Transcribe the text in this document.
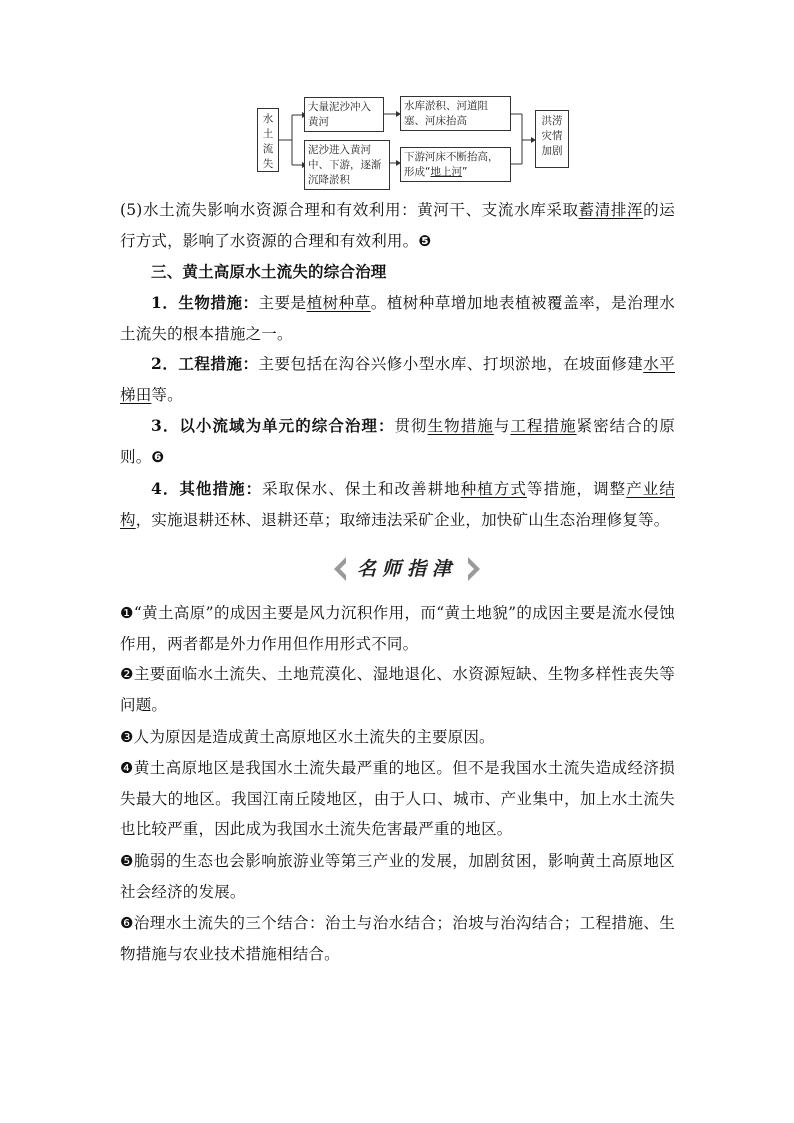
水土流失
大量泥沙冲入黄河
泥沙进入黄河中、下游，逐渐沉降淤积
水库淤积、河道阻塞、河床抬高
下游河床不断抬高，形成“地上河”
洪涝灾情加剧
(5)水土流失影响水资源合理和有效利用：黄河干、支流水库采取蓄清排浑的运行方式，影响了水资源的合理和有效利用。❺
三、黄土高原水土流失的综合治理
1．生物措施：主要是植树种草。植树种草增加地表植被覆盖率，是治理水土流失的根本措施之一。
2．工程措施：主要包括在沟谷兴修小型水库、打坝淤地，在坡面修建水平梯田等。
3．以小流域为单元的综合治理：贯彻生物措施与工程措施紧密结合的原则。❻
4．其他措施：采取保水、保土和改善耕地种植方式等措施，调整产业结构，实施退耕还林、退耕还草；取缔违法采矿企业，加快矿山生态治理修复等。
名师指津
❶“黄土高原”的成因主要是风力沉积作用，而“黄土地貌”的成因主要是流水侵蚀作用，两者都是外力作用但作用形式不同。
❷主要面临水土流失、土地荒漠化、湿地退化、水资源短缺、生物多样性丧失等问题。
❸人为原因是造成黄土高原地区水土流失的主要原因。
❹黄土高原地区是我国水土流失最严重的地区。但不是我国水土流失造成经济损失最大的地区。我国江南丘陵地区，由于人口、城市、产业集中，加上水土流失也比较严重，因此成为我国水土流失危害最严重的地区。
❺脆弱的生态也会影响旅游业等第三产业的发展，加剧贫困，影响黄土高原地区社会经济的发展。
❻治理水土流失的三个结合：治土与治水结合；治坡与治沟结合；工程措施、生物措施与农业技术措施相结合。
